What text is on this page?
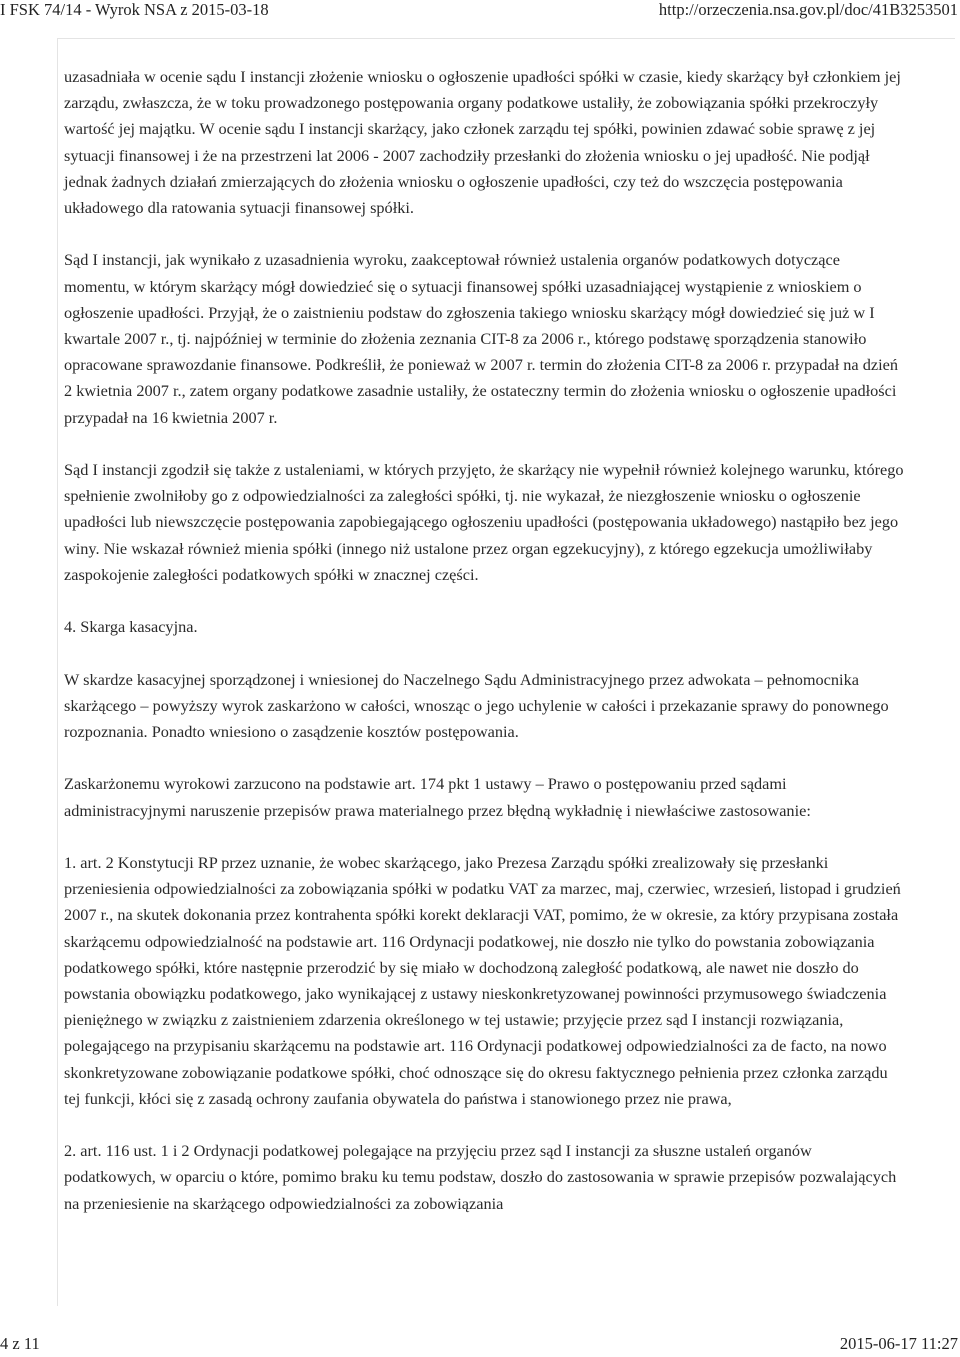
I FSK 74/14 - Wyrok NSA z 2015-03-18	http://orzeczenia.nsa.gov.pl/doc/41B3253501

uzasadniała w ocenie sądu I instancji złożenie wniosku o ogłoszenie upadłości spółki w czasie, kiedy skarżący był członkiem jej zarządu, zwłaszcza, że w toku prowadzonego postępowania organy podatkowe ustaliły, że zobowiązania spółki przekroczyły wartość jej majątku. W ocenie sądu I instancji skarżący, jako członek zarządu tej spółki, powinien zdawać sobie sprawę z jej sytuacji finansowej i że na przestrzeni lat 2006 - 2007 zachodziły przesłanki do złożenia wniosku o jej upadłość. Nie podjął jednak żadnych działań zmierzających do złożenia wniosku o ogłoszenie upadłości, czy też do wszczęcia postępowania układowego dla ratowania sytuacji finansowej spółki.

Sąd I instancji, jak wynikało z uzasadnienia wyroku, zaakceptował również ustalenia organów podatkowych dotyczące momentu, w którym skarżący mógł dowiedzieć się o sytuacji finansowej spółki uzasadniającej wystąpienie z wnioskiem o ogłoszenie upadłości. Przyjął, że o zaistnieniu podstaw do zgłoszenia takiego wniosku skarżący mógł dowiedzieć się już w I kwartale 2007 r., tj. najpóźniej w terminie do złożenia zeznania CIT-8 za 2006 r., którego podstawę sporządzenia stanowiło opracowane sprawozdanie finansowe. Podkreślił, że ponieważ w 2007 r. termin do złożenia CIT-8 za 2006 r. przypadał na dzień 2 kwietnia 2007 r., zatem organy podatkowe zasadnie ustaliły, że ostateczny termin do złożenia wniosku o ogłoszenie upadłości przypadał na 16 kwietnia 2007 r.

Sąd I instancji zgodził się także z ustaleniami, w których przyjęto, że skarżący nie wypełnił również kolejnego warunku, którego spełnienie zwolniłoby go z odpowiedzialności za zaległości spółki, tj. nie wykazał, że niezgłoszenie wniosku o ogłoszenie upadłości lub niewszczęcie postępowania zapobiegającego ogłoszeniu upadłości (postępowania układowego) nastąpiło bez jego winy. Nie wskazał również mienia spółki (innego niż ustalone przez organ egzekucyjny), z którego egzekucja umożliwiłaby zaspokojenie zaległości podatkowych spółki w znacznej części.

4. Skarga kasacyjna.

W skardze kasacyjnej sporządzonej i wniesionej do Naczelnego Sądu Administracyjnego przez adwokata – pełnomocnika skarżącego – powyższy wyrok zaskarżono w całości, wnosząc o jego uchylenie w całości i przekazanie sprawy do ponownego rozpoznania. Ponadto wniesiono o zasądzenie kosztów postępowania.

Zaskarżonemu wyrokowi zarzucono na podstawie art. 174 pkt 1 ustawy – Prawo o postępowaniu przed sądami administracyjnymi naruszenie przepisów prawa materialnego przez błędną wykładnię i niewłaściwe zastosowanie:

1. art. 2 Konstytucji RP przez uznanie, że wobec skarżącego, jako Prezesa Zarządu spółki zrealizowały się przesłanki przeniesienia odpowiedzialności za zobowiązania spółki w podatku VAT za marzec, maj, czerwiec, wrzesień, listopad i grudzień 2007 r., na skutek dokonania przez kontrahenta spółki korekt deklaracji VAT, pomimo, że w okresie, za który przypisana została skarżącemu odpowiedzialność na podstawie art. 116 Ordynacji podatkowej, nie doszło nie tylko do powstania zobowiązania podatkowego spółki, które następnie przerodzić by się miało w dochodzoną zaległość podatkową, ale nawet nie doszło do powstania obowiązku podatkowego, jako wynikającej z ustawy nieskonkretyzowanej powinności przymusowego świadczenia pieniężnego w związku z zaistnieniem zdarzenia określonego w tej ustawie; przyjęcie przez sąd I instancji rozwiązania, polegającego na przypisaniu skarżącemu na podstawie art. 116 Ordynacji podatkowej odpowiedzialności za de facto, na nowo skonkretyzowane zobowiązanie podatkowe spółki, choć odnoszące się do okresu faktycznego pełnienia przez członka zarządu tej funkcji, kłóci się z zasadą ochrony zaufania obywatela do państwa i stanowionego przez nie prawa,

2. art. 116 ust. 1 i 2 Ordynacji podatkowej polegające na przyjęciu przez sąd I instancji za słuszne ustaleń organów podatkowych, w oparciu o które, pomimo braku ku temu podstaw, doszło do zastosowania w sprawie przepisów pozwalających na przeniesienie na skarżącego odpowiedzialności za zobowiązania

4 z 11	2015-06-17 11:27
